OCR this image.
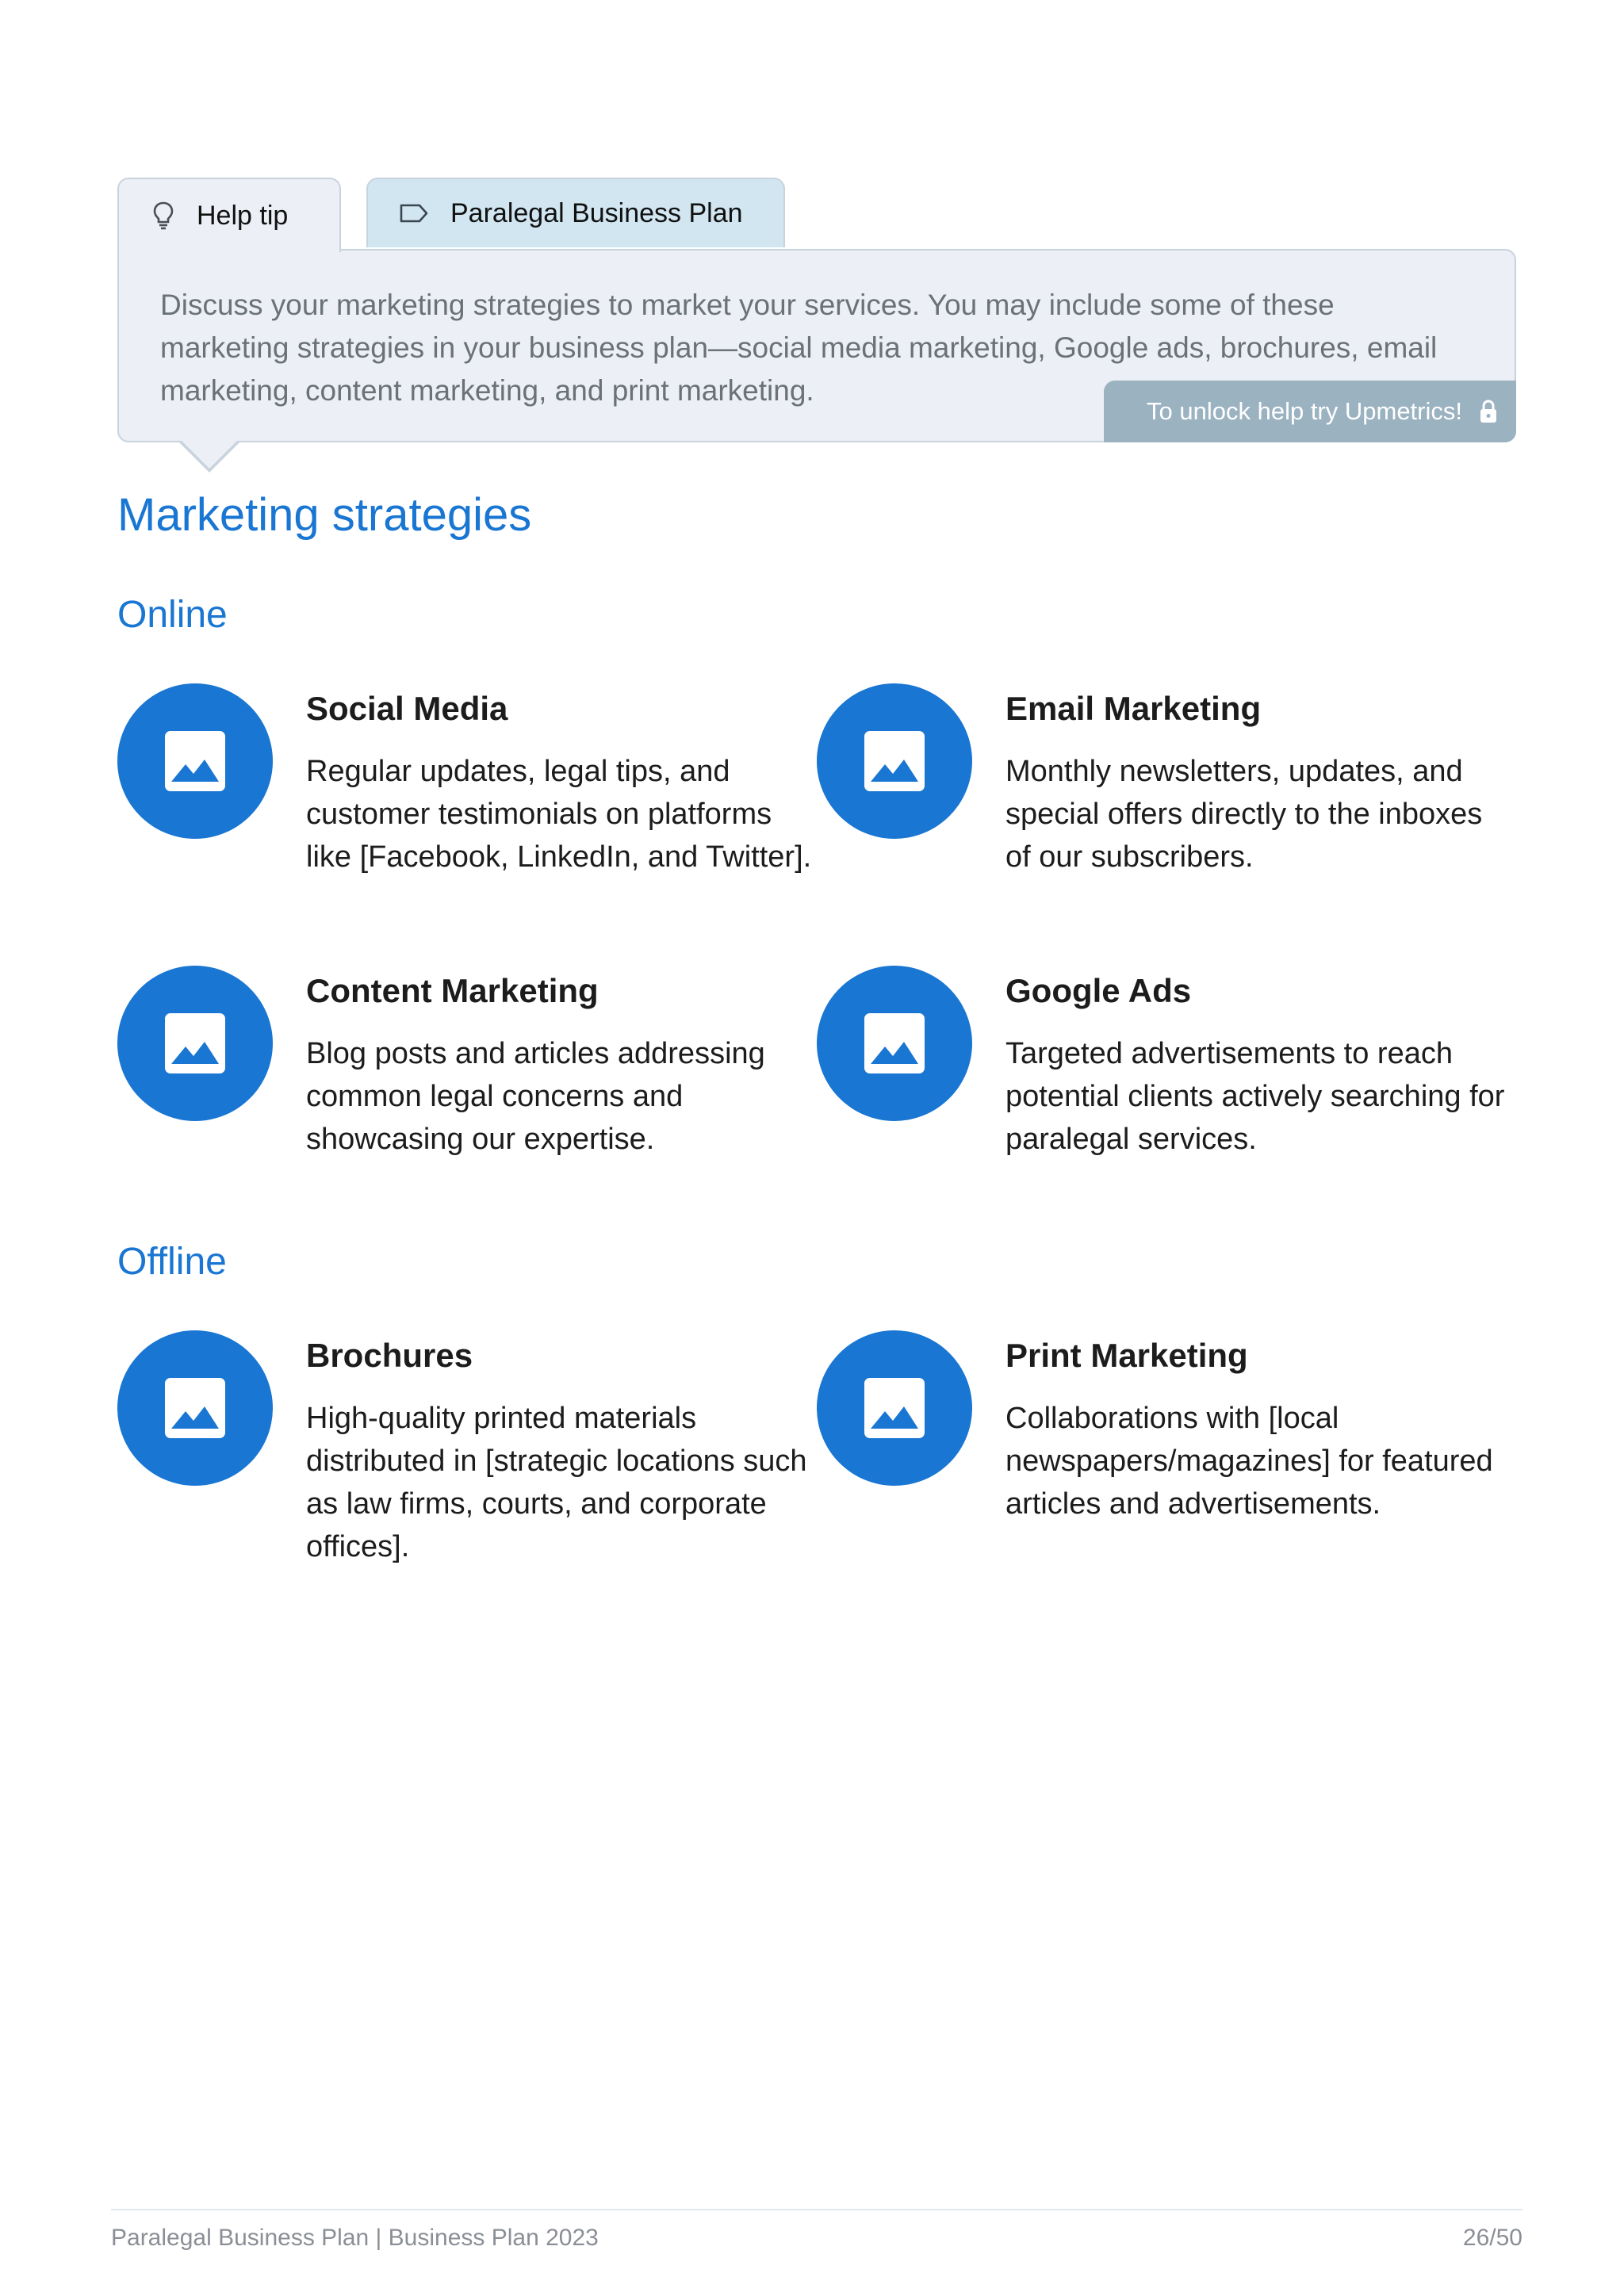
Help tip	Paralegal Business Plan
Discuss your marketing strategies to market your services. You may include some of these marketing strategies in your business plan—social media marketing, Google ads, brochures, email marketing, content marketing, and print marketing.
To unlock help try Upmetrics!
Marketing strategies
Online
Offline
Social Media
Regular updates, legal tips, and customer testimonials on platforms like [Facebook, LinkedIn, and Twitter].
Email Marketing
Monthly newsletters, updates, and special offers directly to the inboxes of our subscribers.
Content Marketing
Blog posts and articles addressing common legal concerns and showcasing our expertise.
Google Ads
Targeted advertisements to reach potential clients actively searching for paralegal services.
Brochures
High-quality printed materials distributed in [strategic locations such as law firms, courts, and corporate offices].
Print Marketing
Collaborations with [local newspapers/magazines] for featured articles and advertisements.
Paralegal Business Plan | Business Plan 2023	26/50
